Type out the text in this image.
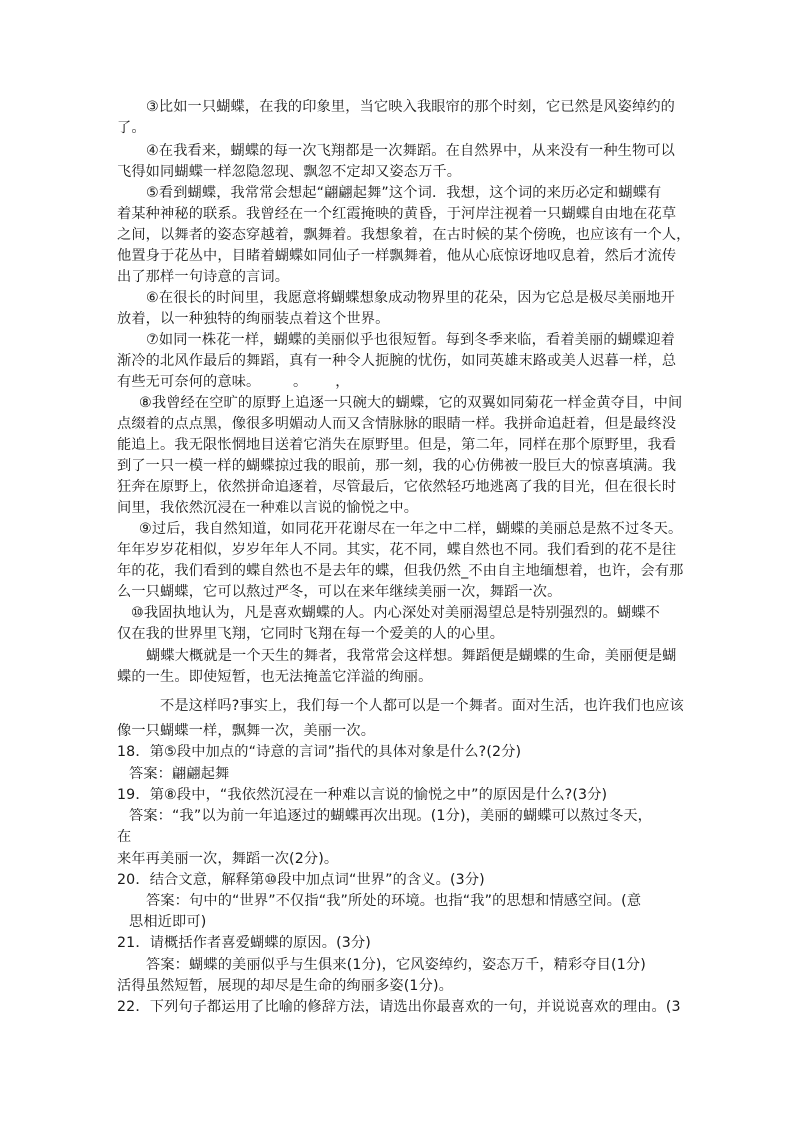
③比如一只蝴蝶，在我的印象里，当它映入我眼帘的那个时刻，它已然是风姿绰约的
了。
④在我看来，蝴蝶的每一次飞翔都是一次舞蹈。在自然界中，从来没有一种生物可以
飞得如同蝴蝶一样忽隐忽现、飘忽不定却又姿态万千。
⑤看到蝴蝶，我常常会想起“翩翩起舞”这个词．我想，这个词的来历必定和蝴蝶有
着某种神秘的联系。我曾经在一个红霞掩映的黄昏，于河岸注视着一只蝴蝶自由地在花草
之间，以舞者的姿态穿越着，飘舞着。我想象着，在古时候的某个傍晚，也应该有一个人，
他置身于花丛中，目睹着蝴蝶如同仙子一样飘舞着，他从心底惊讶地叹息着，然后才流传
出了那样一句诗意的言词。
⑥在很长的时间里，我愿意将蝴蝶想象成动物界里的花朵，因为它总是极尽美丽地开
放着，以一种独特的绚丽装点着这个世界。
⑦如同一株花一样，蝴蝶的美丽似乎也很短暂。每到冬季来临，看着美丽的蝴蝶迎着
渐冷的北风作最后的舞蹈，真有一种令人扼腕的忧伤，如同英雄末路或美人迟暮一样，总
有些无可奈何的意味。       。      ，
⑧我曾经在空旷的原野上追逐一只碗大的蝴蝶，它的双翼如同菊花一样金黄夺目，中间
点缀着的点点黑，像很多明媚动人而又含情脉脉的眼睛一样。我拼命追赶着，但是最终没
能追上。我无限怅惘地目送着它消失在原野里。但是，第二年，同样在那个原野里，我看
到了一只一模一样的蝴蝶掠过我的眼前，那一刻，我的心仿佛被一股巨大的惊喜填满。我
狂奔在原野上，依然拼命追逐着，尽管最后，它依然轻巧地逃离了我的目光，但在很长时
间里，我依然沉浸在一种难以言说的愉悦之中。
⑨过后，我自然知道，如同花开花谢尽在一年之中二样，蝴蝶的美丽总是熬不过冬天。
年年岁岁花相似，岁岁年年人不同。其实，花不同，蝶自然也不同。我们看到的花不是往
年的花，我们看到的蝶自然也不是去年的蝶，但我仍然_不由自主地缅想着，也许，会有那
么一只蝴蝶，它可以熬过严冬，可以在来年继续美丽一次，舞蹈一次。
⑩我固执地认为，凡是喜欢蝴蝶的人。内心深处对美丽渴望总是特别强烈的。蝴蝶不
仅在我的世界里飞翔，它同时飞翔在每一个爱美的人的心里。
蝴蝶大概就是一个天生的舞者，我常常会这样想。舞蹈便是蝴蝶的生命，美丽便是蝴
蝶的一生。即使短暂，也无法掩盖它洋溢的绚丽。
不是这样吗?事实上，我们每一个人都可以是一个舞者。面对生活，也许我们也应该
像一只蝴蝶一样，飘舞一次，美丽一次。
18．第⑤段中加点的“诗意的言词”指代的具体对象是什么?(2分)
答案：翩翩起舞
19．第⑧段中，“我依然沉浸在一种难以言说的愉悦之中”的原因是什么?(3分)
答案：“我”以为前一年追逐过的蝴蝶再次出现。(1分)，美丽的蝴蝶可以熬过冬天，
在
来年再美丽一次，舞蹈一次(2分)。
20．结合文意，解释第⑩段中加点词“世界”的含义。(3分)
答案：句中的“世界”不仅指“我”所处的环境。也指“我”的思想和情感空间。(意
思相近即可)
21．请概括作者喜爱蝴蝶的原因。(3分)
答案：蝴蝶的美丽似乎与生俱来(1分)，它风姿绰约，姿态万千，精彩夺目(1分)
活得虽然短暂，展现的却尽是生命的绚丽多姿(1分)。
22．下列句子都运用了比喻的修辞方法，请选出你最喜欢的一句，并说说喜欢的理由。(3
